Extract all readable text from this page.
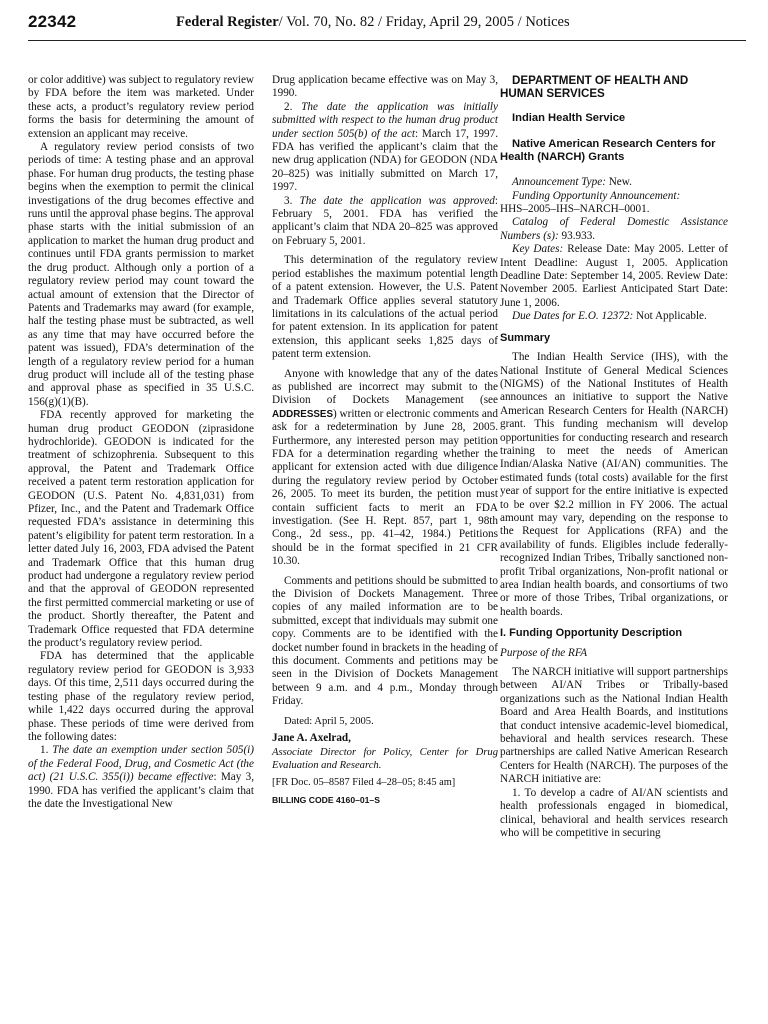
22342	Federal Register/ Vol. 70, No. 82 / Friday, April 29, 2005 / Notices

or color additive) was subject to regulatory review by FDA before the item was marketed. Under these acts, a product’s regulatory review period forms the basis for determining the amount of extension an applicant may receive.

A regulatory review period consists of two periods of time: A testing phase and an approval phase. For human drug products, the testing phase begins when the exemption to permit the clinical investigations of the drug becomes effective and runs until the approval phase begins. The approval phase starts with the initial submission of an application to market the human drug product and continues until FDA grants permission to market the drug product. Although only a portion of a regulatory review period may count toward the actual amount of extension that the Director of Patents and Trademarks may award (for example, half the testing phase must be subtracted, as well as any time that may have occurred before the patent was issued), FDA’s determination of the length of a regulatory review period for a human drug product will include all of the testing phase and approval phase as specified in 35 U.S.C. 156(g)(1)(B).

FDA recently approved for marketing the human drug product GEODON (ziprasidone hydrochloride). GEODON is indicated for the treatment of schizophrenia. Subsequent to this approval, the Patent and Trademark Office received a patent term restoration application for GEODON (U.S. Patent No. 4,831,031) from Pfizer, Inc., and the Patent and Trademark Office requested FDA’s assistance in determining this patent’s eligibility for patent term restoration. In a letter dated July 16, 2003, FDA advised the Patent and Trademark Office that this human drug product had undergone a regulatory review period and that the approval of GEODON represented the first permitted commercial marketing or use of the product. Shortly thereafter, the Patent and Trademark Office requested that FDA determine the product’s regulatory review period.

FDA has determined that the applicable regulatory review period for GEODON is 3,933 days. Of this time, 2,511 days occurred during the testing phase of the regulatory review period, while 1,422 days occurred during the approval phase. These periods of time were derived from the following dates:

1. The date an exemption under section 505(i) of the Federal Food, Drug, and Cosmetic Act (the act) (21 U.S.C. 355(i)) became effective: May 3, 1990. FDA has verified the applicant’s claim that the date the Investigational New

Drug application became effective was on May 3, 1990.

2. The date the application was initially submitted with respect to the human drug product under section 505(b) of the act: March 17, 1997. FDA has verified the applicant’s claim that the new drug application (NDA) for GEODON (NDA 20–825) was initially submitted on March 17, 1997.

3. The date the application was approved: February 5, 2001. FDA has verified the applicant’s claim that NDA 20–825 was approved on February 5, 2001.

This determination of the regulatory review period establishes the maximum potential length of a patent extension. However, the U.S. Patent and Trademark Office applies several statutory limitations in its calculations of the actual period for patent extension. In its application for patent extension, this applicant seeks 1,825 days of patent term extension.

Anyone with knowledge that any of the dates as published are incorrect may submit to the Division of Dockets Management (see ADDRESSES) written or electronic comments and ask for a redetermination by June 28, 2005. Furthermore, any interested person may petition FDA for a determination regarding whether the applicant for extension acted with due diligence during the regulatory review period by October 26, 2005. To meet its burden, the petition must contain sufficient facts to merit an FDA investigation. (See H. Rept. 857, part 1, 98th Cong., 2d sess., pp. 41–42, 1984.) Petitions should be in the format specified in 21 CFR 10.30.

Comments and petitions should be submitted to the Division of Dockets Management. Three copies of any mailed information are to be submitted, except that individuals may submit one copy. Comments are to be identified with the docket number found in brackets in the heading of this document. Comments and petitions may be seen in the Division of Dockets Management between 9 a.m. and 4 p.m., Monday through Friday.

Dated: April 5, 2005.

Jane A. Axelrad,

Associate Director for Policy, Center for Drug Evaluation and Research.

[FR Doc. 05–8587 Filed 4–28–05; 8:45 am]

BILLING CODE 4160–01–S

DEPARTMENT OF HEALTH AND HUMAN SERVICES

Indian Health Service

Native American Research Centers for Health (NARCH) Grants

Announcement Type: New.

Funding Opportunity Announcement:

HHS–2005–IHS–NARCH–0001.

Catalog of Federal Domestic Assistance Numbers (s): 93.933.

Key Dates: Release Date: May 2005. Letter of Intent Deadline: August 1, 2005. Application Deadline Date: September 14, 2005. Review Date: November 2005. Earliest Anticipated Start Date: June 1, 2006.

Due Dates for E.O. 12372: Not Applicable.

Summary

The Indian Health Service (IHS), with the National Institute of General Medical Sciences (NIGMS) of the National Institutes of Health announces an initiative to support the Native American Research Centers for Health (NARCH) grant. This funding mechanism will develop opportunities for conducting research and research training to meet the needs of American Indian/Alaska Native (AI/AN) communities. The estimated funds (total costs) available for the first year of support for the entire initiative is expected to be over $2.2 million in FY 2006. The actual amount may vary, depending on the response to the Request for Applications (RFA) and the availability of funds. Eligibles include federally-recognized Indian Tribes, Tribally sanctioned non-profit Tribal organizations, Non-profit national or area Indian health boards, and consortiums of two or more of those Tribes, Tribal organizations, or health boards.

I. Funding Opportunity Description

Purpose of the RFA

The NARCH initiative will support partnerships between AI/AN Tribes or Tribally-based organizations such as the National Indian Health Board and Area Health Boards, and institutions that conduct intensive academic-level biomedical, behavioral and health services research. These partnerships are called Native American Research Centers for Health (NARCH). The purposes of the NARCH initiative are:

1. To develop a cadre of AI/AN scientists and health professionals engaged in biomedical, clinical, behavioral and health services research who will be competitive in securing
